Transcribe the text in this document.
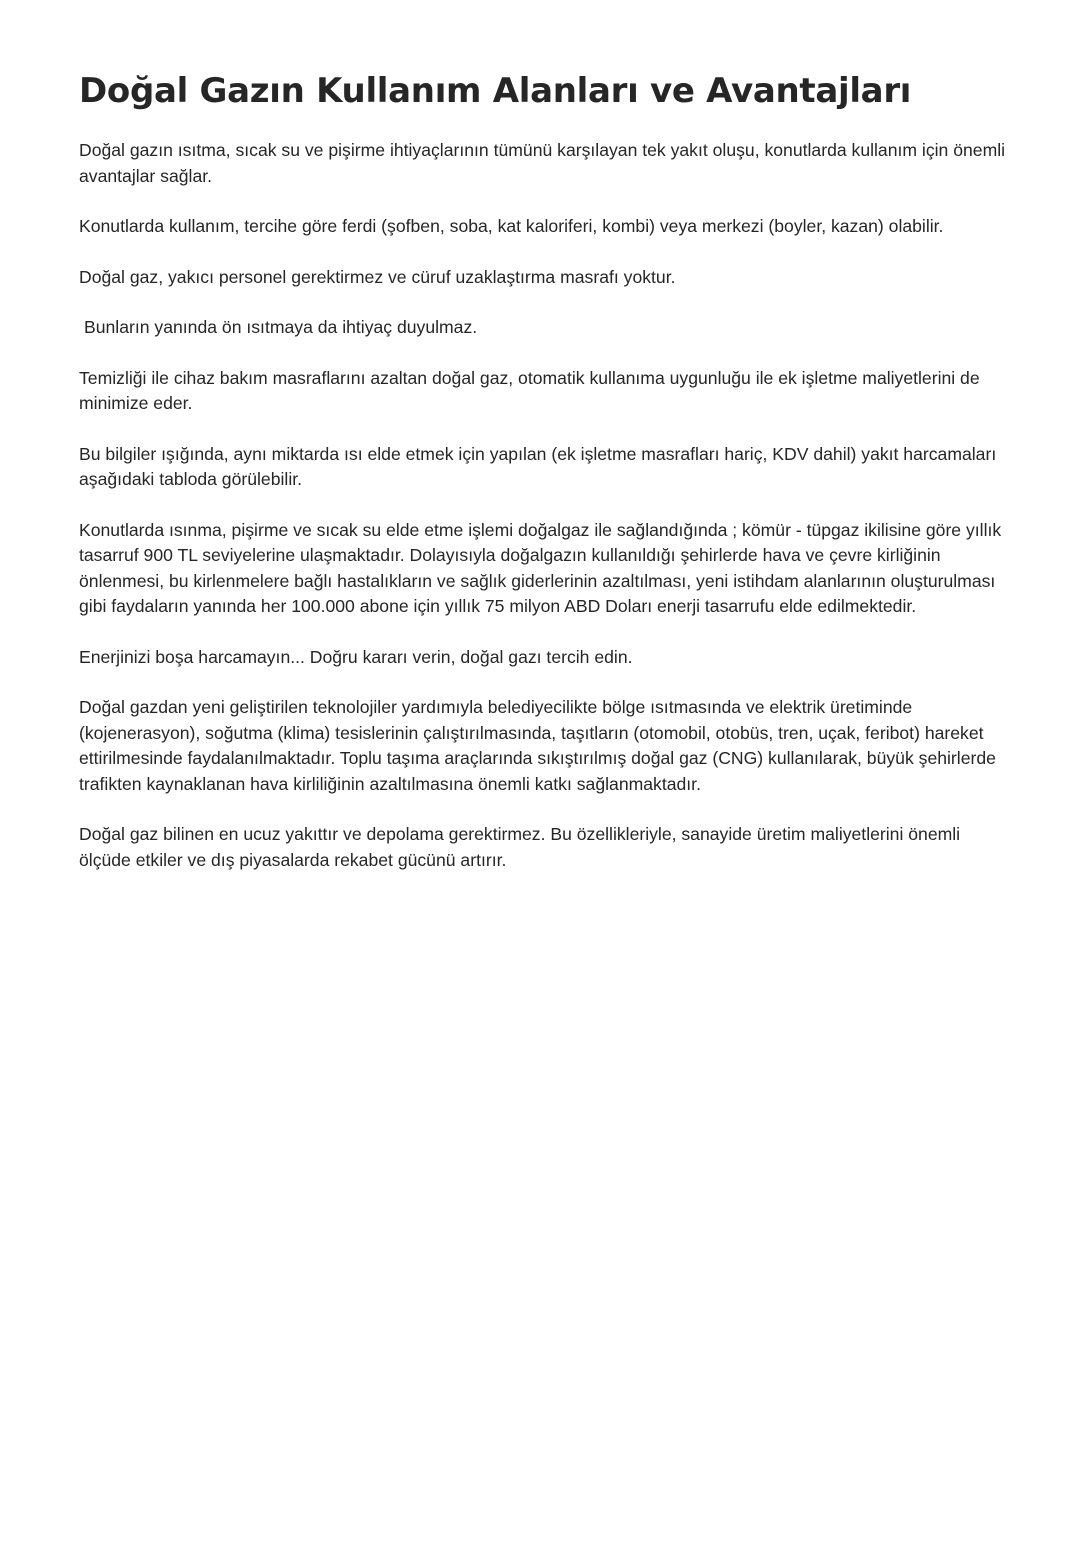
Doğal Gazın Kullanım Alanları ve Avantajları

Doğal gazın ısıtma, sıcak su ve pişirme ihtiyaçlarının tümünü karşılayan tek yakıt oluşu, konutlarda kullanım için önemli avantajlar sağlar.

Konutlarda kullanım, tercihe göre ferdi (şofben, soba, kat kaloriferi, kombi) veya merkezi (boyler, kazan) olabilir.

Doğal gaz, yakıcı personel gerektirmez ve cüruf uzaklaştırma masrafı yoktur.

Bunların yanında ön ısıtmaya da ihtiyaç duyulmaz.

Temizliği ile cihaz bakım masraflarını azaltan doğal gaz, otomatik kullanıma uygunluğu ile ek işletme maliyetlerini de minimize eder.

Bu bilgiler ışığında, aynı miktarda ısı elde etmek için yapılan (ek işletme masrafları hariç, KDV dahil) yakıt harcamaları aşağıdaki tabloda görülebilir.

Konutlarda ısınma, pişirme ve sıcak su elde etme işlemi doğalgaz ile sağlandığında ; kömür - tüpgaz ikilisine göre yıllık tasarruf 900 TL seviyelerine ulaşmaktadır. Dolayısıyla doğalgazın kullanıldığı şehirlerde hava ve çevre kirliğinin önlenmesi, bu kirlenmelere bağlı hastalıkların ve sağlık giderlerinin azaltılması, yeni istihdam alanlarının oluşturulması gibi faydaların yanında her 100.000 abone için yıllık 75 milyon ABD Doları enerji tasarrufu elde edilmektedir.

Enerjinizi boşa harcamayın... Doğru kararı verin, doğal gazı tercih edin.

Doğal gazdan yeni geliştirilen teknolojiler yardımıyla belediyecilikte bölge ısıtmasında ve elektrik üretiminde (kojenerasyon), soğutma (klima) tesislerinin çalıştırılmasında, taşıtların (otomobil, otobüs, tren, uçak, feribot) hareket ettirilmesinde faydalanılmaktadır. Toplu taşıma araçlarında sıkıştırılmış doğal gaz (CNG) kullanılarak, büyük şehirlerde trafikten kaynaklanan hava kirliliğinin azaltılmasına önemli katkı sağlanmaktadır.

Doğal gaz bilinen en ucuz yakıttır ve depolama gerektirmez. Bu özellikleriyle, sanayide üretim maliyetlerini önemli ölçüde etkiler ve dış piyasalarda rekabet gücünü artırır.
